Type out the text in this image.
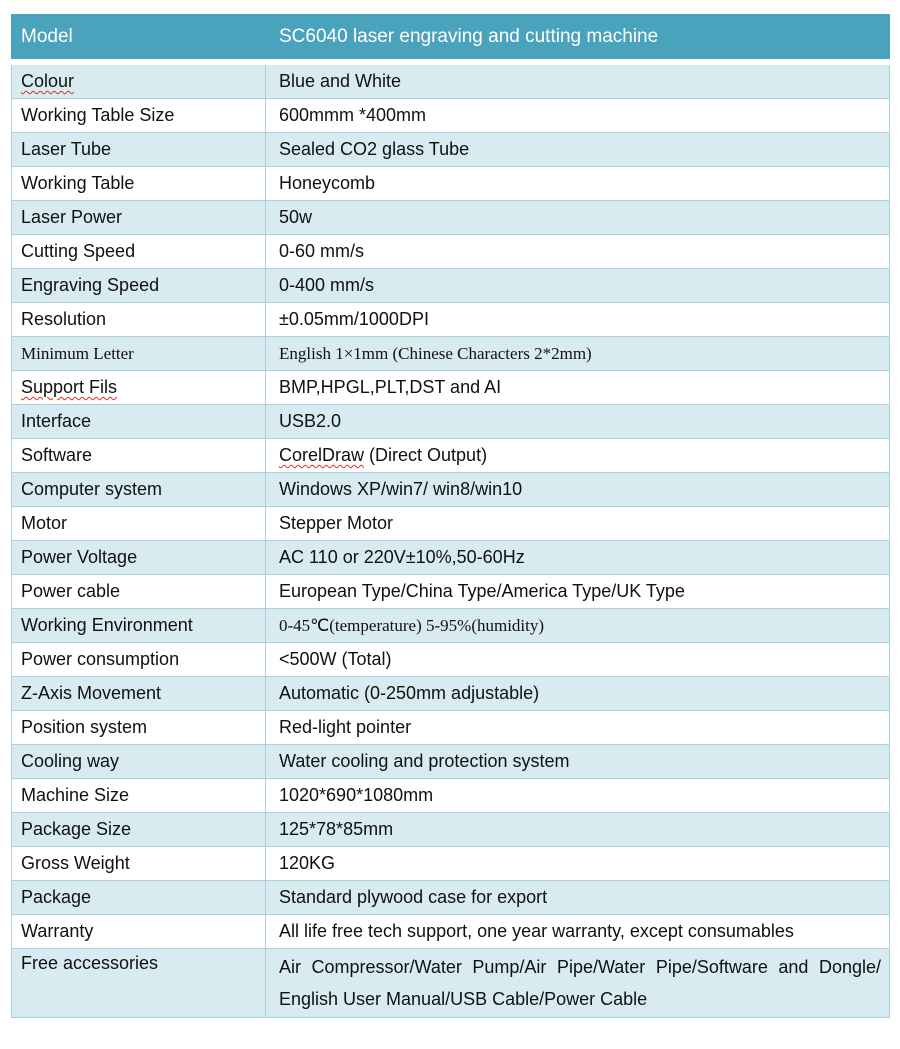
Model	SC6040 laser engraving and cutting machine
Colour	Blue and White
Working Table Size	600mmm *400mm
Laser Tube	Sealed CO2 glass Tube
Working Table	Honeycomb
Laser Power	50w
Cutting Speed	0-60 mm/s
Engraving Speed	0-400 mm/s
Resolution	±0.05mm/1000DPI
Minimum Letter	English 1×1mm (Chinese Characters 2*2mm)
Support Fils	BMP,HPGL,PLT,DST and AI
Interface	USB2.0
Software	CorelDraw (Direct Output)
Computer system	Windows XP/win7/ win8/win10
Motor	Stepper Motor
Power Voltage	AC 110 or 220V±10%,50-60Hz
Power cable	European Type/China Type/America Type/UK Type
Working Environment	0-45℃(temperature) 5-95%(humidity)
Power consumption	<500W (Total)
Z-Axis Movement	Automatic (0-250mm adjustable)
Position system	Red-light pointer
Cooling way	Water cooling and protection system
Machine Size	1020*690*1080mm
Package Size	125*78*85mm
Gross Weight	120KG
Package	Standard plywood case for export
Warranty	All life free tech support, one year warranty, except consumables
Free accessories	Air Compressor/Water Pump/Air Pipe/Water Pipe/Software and Dongle/ English User Manual/USB Cable/Power Cable
